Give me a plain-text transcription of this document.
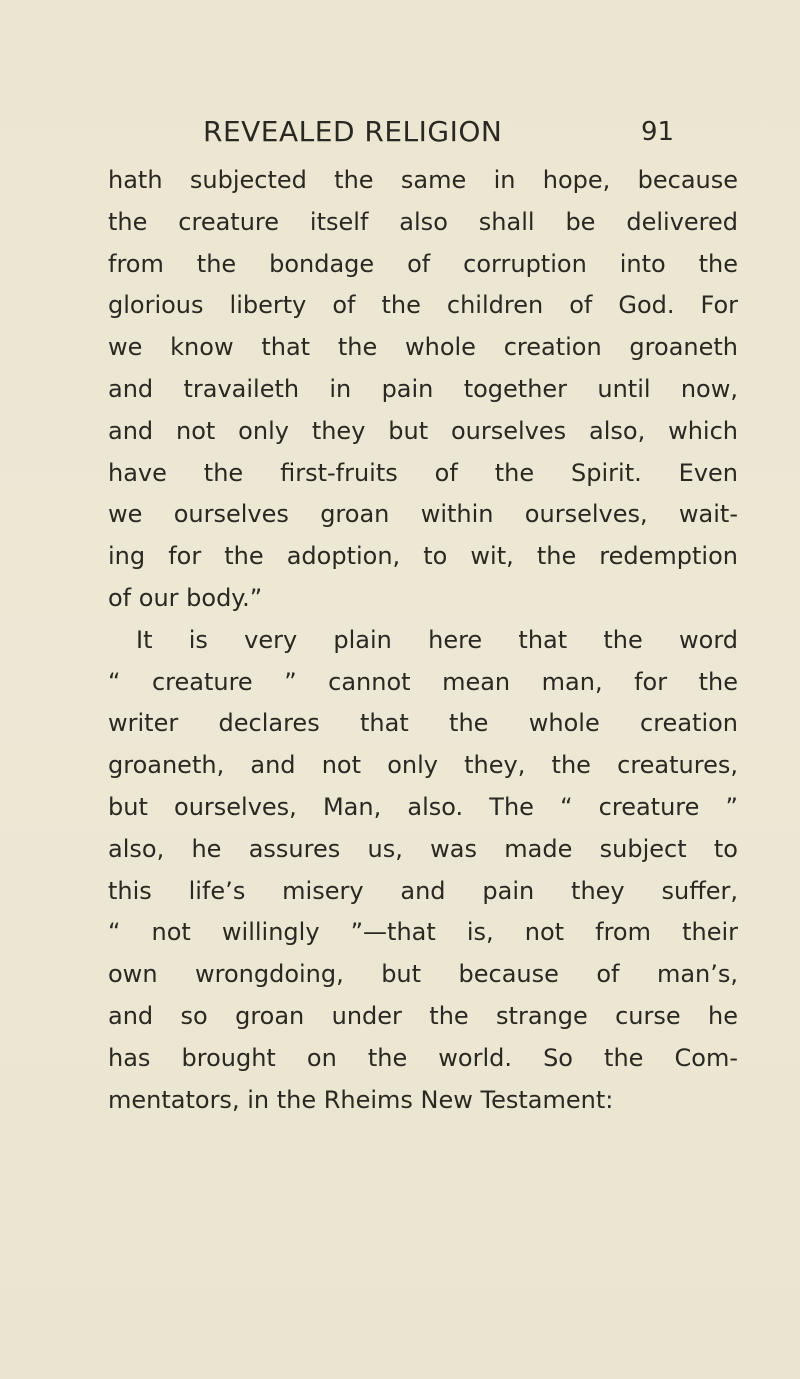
REVEALED RELIGION	91
hath subjected the same in hope, because
the creature itself also shall be delivered
from the bondage of corruption into the
glorious liberty of the children of God. For
we know that the whole creation groaneth
and travaileth in pain together until now,
and not only they but ourselves also, which
have the first-fruits of the Spirit. Even
we ourselves groan within ourselves, wait-
ing for the adoption, to wit, the redemption
of our body.”
It is very plain here that the word
“ creature ” cannot mean man, for the
writer declares that the whole creation
groaneth, and not only they, the creatures,
but ourselves, Man, also. The “ creature ”
also, he assures us, was made subject to
this life’s misery and pain they suffer,
“ not willingly ”—that is, not from their
own wrongdoing, but because of man’s,
and so groan under the strange curse he
has brought on the world. So the Com-
mentators, in the Rheims New Testament:
